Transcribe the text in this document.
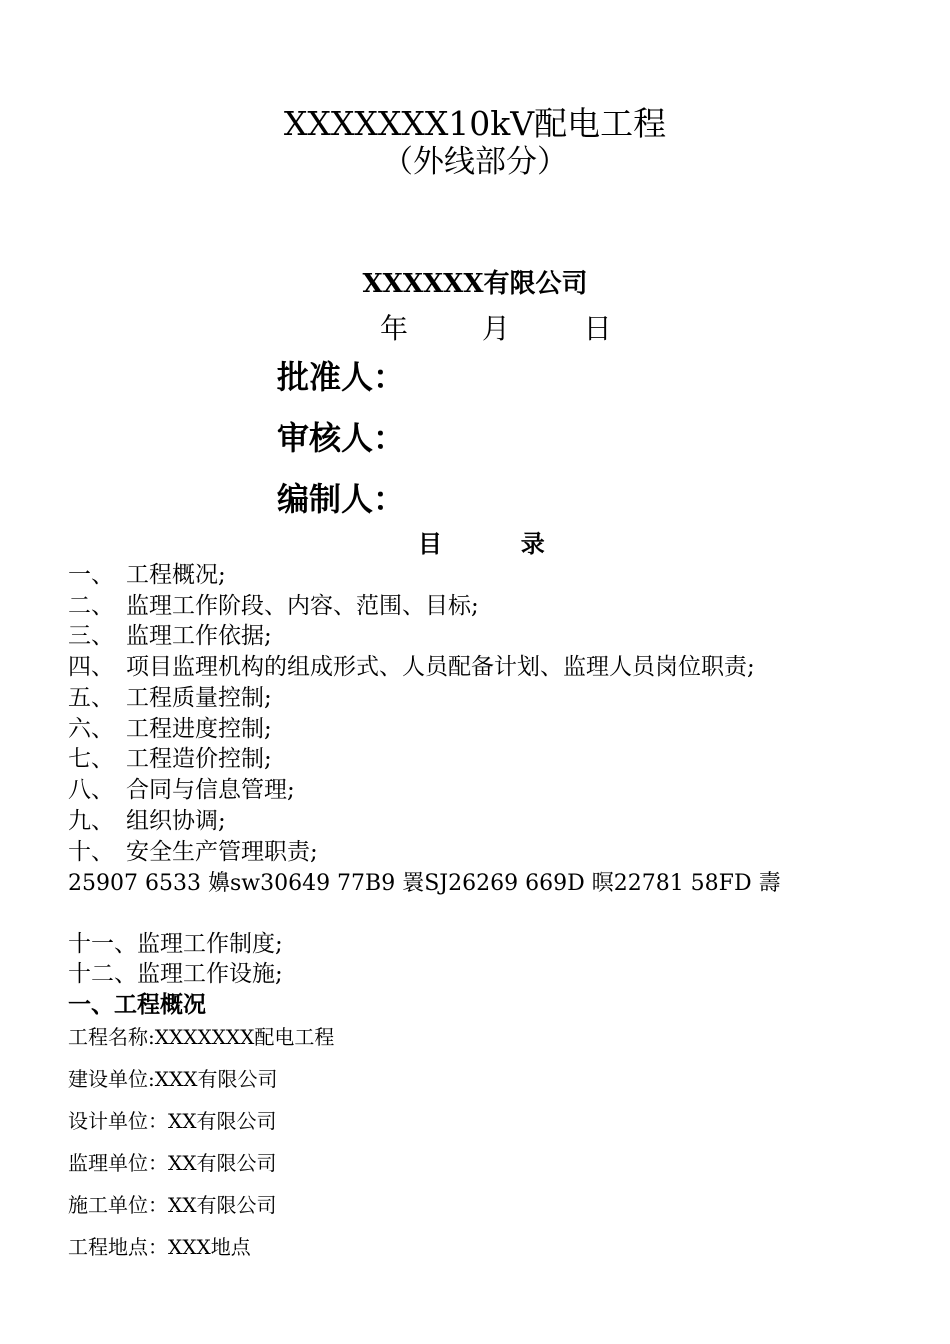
XXXXXXX10kV配电工程
（外线部分）
XXXXXX有限公司
年	月	日
批准人：
审核人：
编制人：
目	录
一、 工程概况;
二、 监理工作阶段、内容、范围、目标;
三、 监理工作依据;
四、 项目监理机构的组成形式、人员配备计划、监理人员岗位职责;
五、 工程质量控制;
六、 工程进度控制;
七、 工程造价控制;
八、 合同与信息管理;
九、 组织协调;
十、 安全生产管理职责;
25907 6533 嬶sw30649 77B9 瞏SJ26269 669D 暝22781 58FD 壽
十一、监理工作制度;
十二、监理工作设施;
一、工程概况
工程名称:XXXXXXX配电工程
建设单位:XXX有限公司
设计单位：XX有限公司
监理单位：XX有限公司
施工单位：XX有限公司
工程地点：XXX地点
